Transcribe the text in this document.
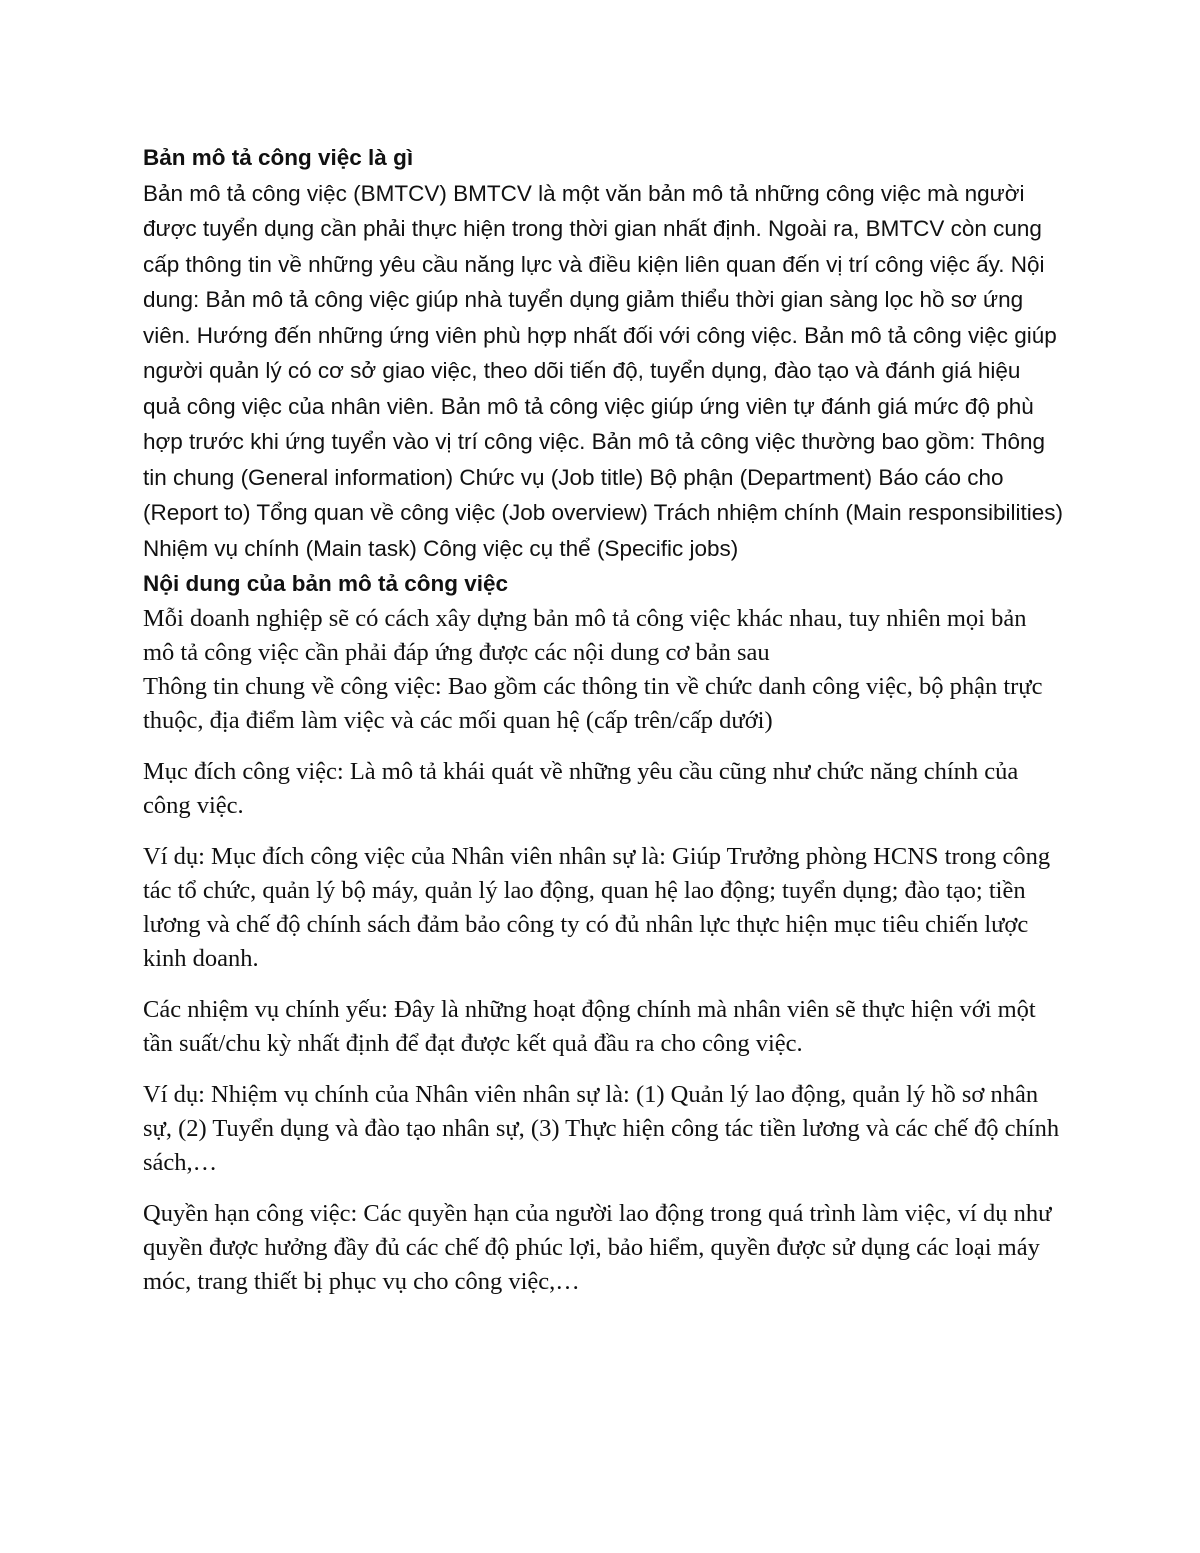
Bản mô tả công việc là gì

Bản mô tả công việc (BMTCV) BMTCV là một văn bản mô tả những công việc mà người được tuyển dụng cần phải thực hiện trong thời gian nhất định. Ngoài ra, BMTCV còn cung cấp thông tin về những yêu cầu năng lực và điều kiện liên quan đến vị trí công việc ấy. Nội dung: Bản mô tả công việc giúp nhà tuyển dụng giảm thiểu thời gian sàng lọc hồ sơ ứng viên. Hướng đến những ứng viên phù hợp nhất đối với công việc. Bản mô tả công việc giúp người quản lý có cơ sở giao việc, theo dõi tiến độ, tuyển dụng, đào tạo và đánh giá hiệu quả công việc của nhân viên. Bản mô tả công việc giúp ứng viên tự đánh giá mức độ phù hợp trước khi ứng tuyển vào vị trí công việc. Bản mô tả công việc thường bao gồm: Thông tin chung (General information) Chức vụ (Job title) Bộ phận (Department) Báo cáo cho (Report to) Tổng quan về công việc (Job overview) Trách nhiệm chính (Main responsibilities) Nhiệm vụ chính (Main task) Công việc cụ thể (Specific jobs)

Nội dung của bản mô tả công việc

Mỗi doanh nghiệp sẽ có cách xây dựng bản mô tả công việc khác nhau, tuy nhiên mọi bản mô tả công việc cần phải đáp ứng được các nội dung cơ bản sau

Thông tin chung về công việc: Bao gồm các thông tin về chức danh công việc, bộ phận trực thuộc, địa điểm làm việc và các mối quan hệ (cấp trên/cấp dưới)

Mục đích công việc: Là mô tả khái quát về những yêu cầu cũng như chức năng chính của công việc.

Ví dụ: Mục đích công việc của Nhân viên nhân sự là: Giúp Trưởng phòng HCNS trong công tác tổ chức, quản lý bộ máy, quản lý lao động, quan hệ lao động; tuyển dụng; đào tạo; tiền lương và chế độ chính sách đảm bảo công ty có đủ nhân lực thực hiện mục tiêu chiến lược kinh doanh.

Các nhiệm vụ chính yếu: Đây là những hoạt động chính mà nhân viên sẽ thực hiện với một tần suất/chu kỳ nhất định để đạt được kết quả đầu ra cho công việc.

Ví dụ: Nhiệm vụ chính của Nhân viên nhân sự là: (1) Quản lý lao động, quản lý hồ sơ nhân sự, (2) Tuyển dụng và đào tạo nhân sự, (3) Thực hiện công tác tiền lương và các chế độ chính sách,…

Quyền hạn công việc: Các quyền hạn của người lao động trong quá trình làm việc, ví dụ như quyền được hưởng đầy đủ các chế độ phúc lợi, bảo hiểm, quyền được sử dụng các loại máy móc, trang thiết bị phục vụ cho công việc,…
